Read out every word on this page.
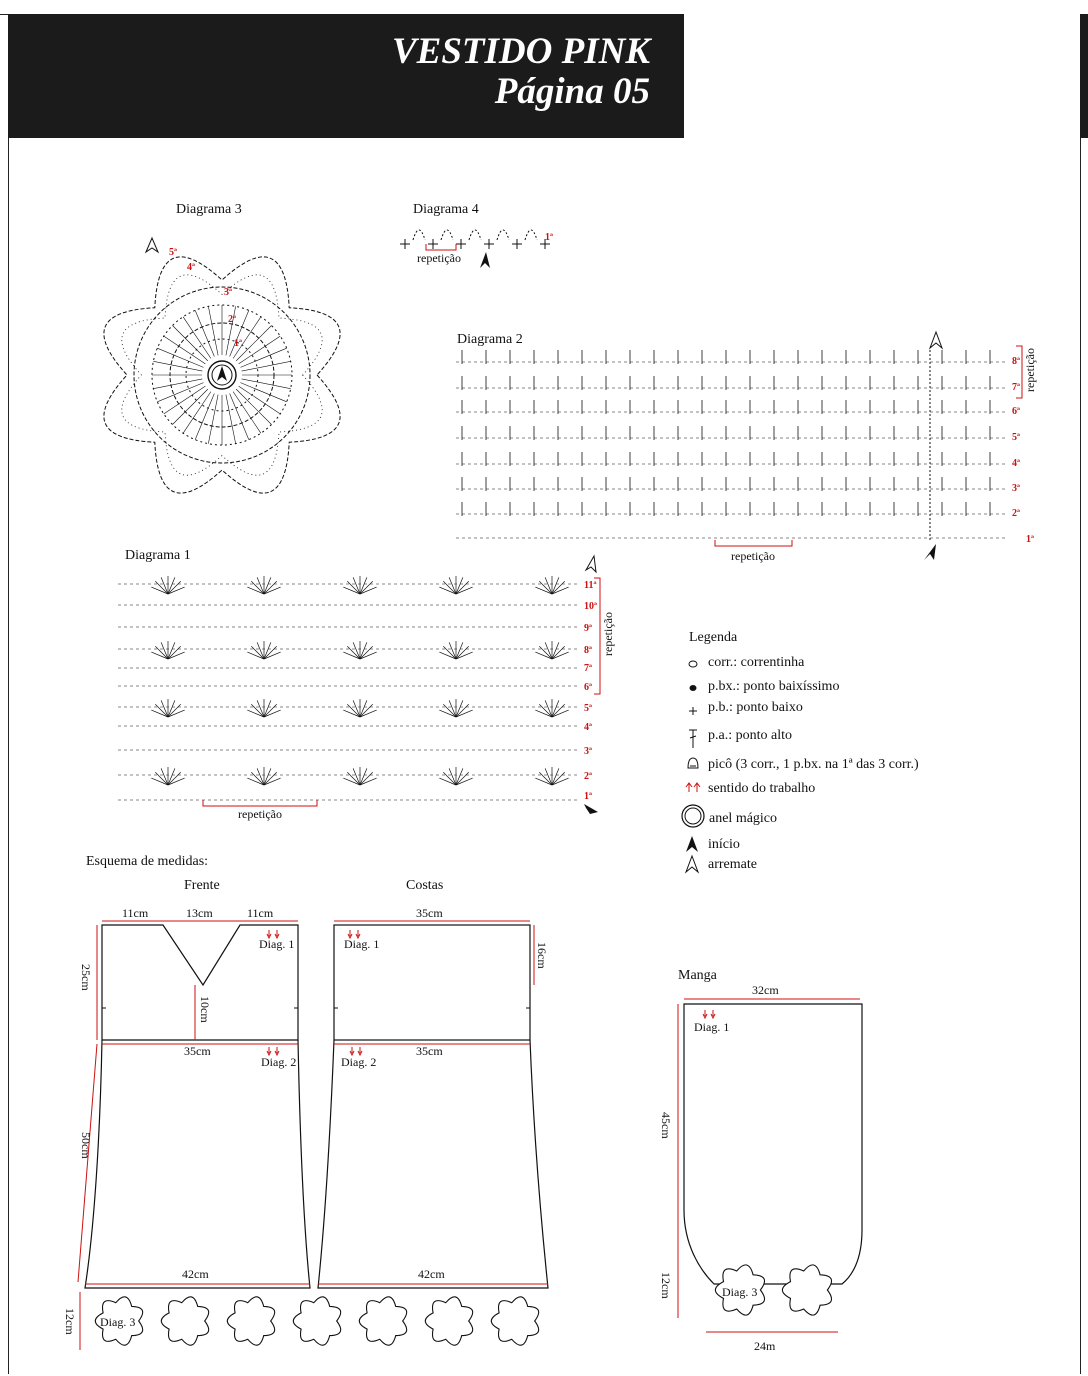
VESTIDO PINK
Página 05
Diagrama 3
5ª
4ª
3ª
2ª
1ª
Diagrama 4
1ª
repetição
Diagrama 2
8ª
7ª
6ª
5ª
4ª
3ª
2ª
1ª
repetição
repetição
Diagrama 1
11ª
10ª
9ª
8ª
7ª
6ª
5ª
4ª
3ª
2ª
1ª
repetição
repetição
Legenda
corr.: correntinha
p.bx.: ponto baixíssimo
p.b.: ponto baixo
p.a.: ponto alto
picô (3 corr., 1 p.bx. na 1ª das 3 corr.)
sentido do trabalho
anel mágico
início
arremate
Esquema de medidas:
Frente	Costas
11cm	13cm	11cm
10cm
25cm
35cm
50cm
42cm
Diag. 1
Diag. 2
35cm
16cm
35cm
42cm
Diag. 1
Diag. 2
Diag. 3
12cm
Manga
32cm
Diag. 1
45cm
Diag. 3
12cm
24m
